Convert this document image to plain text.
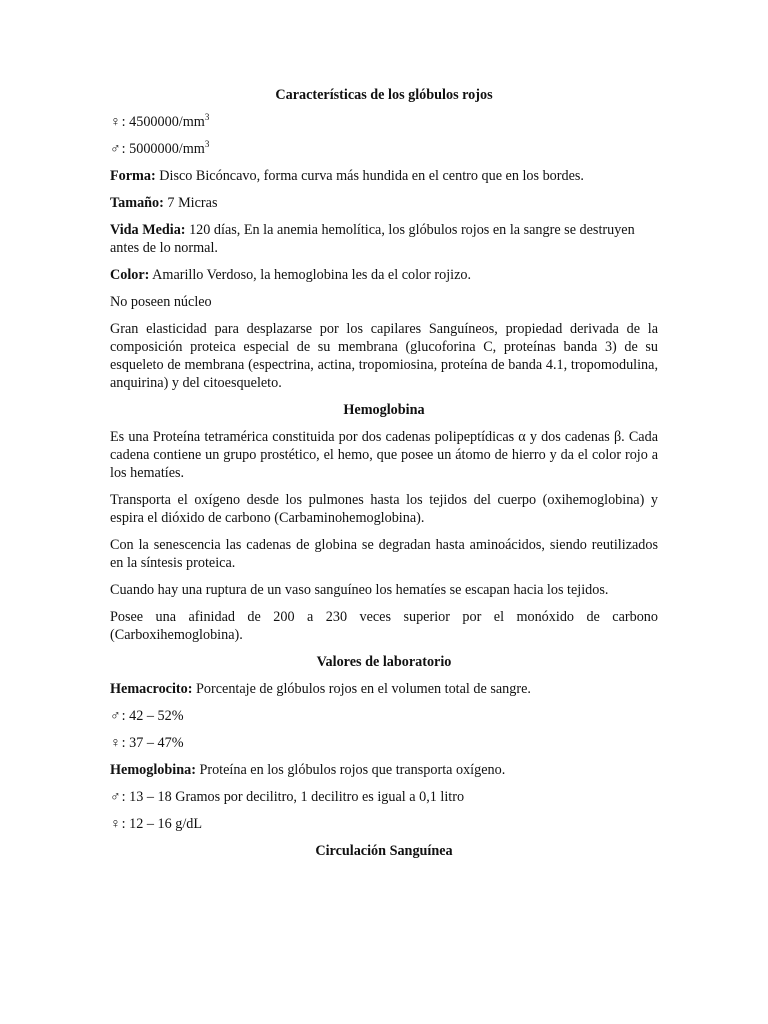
Características de los glóbulos rojos

♀: $4500000/mm^3$

♂: $5000000/mm^3$

Forma: Disco Bicóncavo, forma curva más hundida en el centro que en los bordes.

Tamaño: 7 Micras

Vida Media: 120 días, En la anemia hemolítica, los glóbulos rojos en la sangre se destruyen antes de lo normal.

Color: Amarillo Verdoso, la hemoglobina les da el color rojizo.

No poseen núcleo

Gran elasticidad para desplazarse por los capilares Sanguíneos, propiedad derivada de la composición proteica especial de su membrana (glucoforina C, proteínas banda 3) de su esqueleto de membrana (espectrina, actina, tropomiosina, proteína de banda 4.1, tropomodulina, anquirina) y del citoesqueleto.

Hemoglobina

Es una Proteína tetramérica constituida por dos cadenas polipeptídicas α y dos cadenas β. Cada cadena contiene un grupo prostético, el hemo, que posee un átomo de hierro y da el color rojo a los hematíes.

Transporta el oxígeno desde los pulmones hasta los tejidos del cuerpo (oxihemoglobina) y espira el dióxido de carbono (Carbaminohemoglobina).

Con la senescencia las cadenas de globina se degradan hasta aminoácidos, siendo reutilizados en la síntesis proteica.

Cuando hay una ruptura de un vaso sanguíneo los hematíes se escapan hacia los tejidos.

Posee una afinidad de 200 a 230 veces superior por el monóxido de carbono (Carboxihemoglobina).

Valores de laboratorio

Hemacrocito: Porcentaje de glóbulos rojos en el volumen total de sangre.

♂: 42 – 52%

♀: 37 – 47%

Hemoglobina: Proteína en los glóbulos rojos que transporta oxígeno.

♂: 13 – 18 Gramos por decilitro, 1 decilitro es igual a 0,1 litro

♀: 12 – 16 g/dL

Circulación Sanguínea
